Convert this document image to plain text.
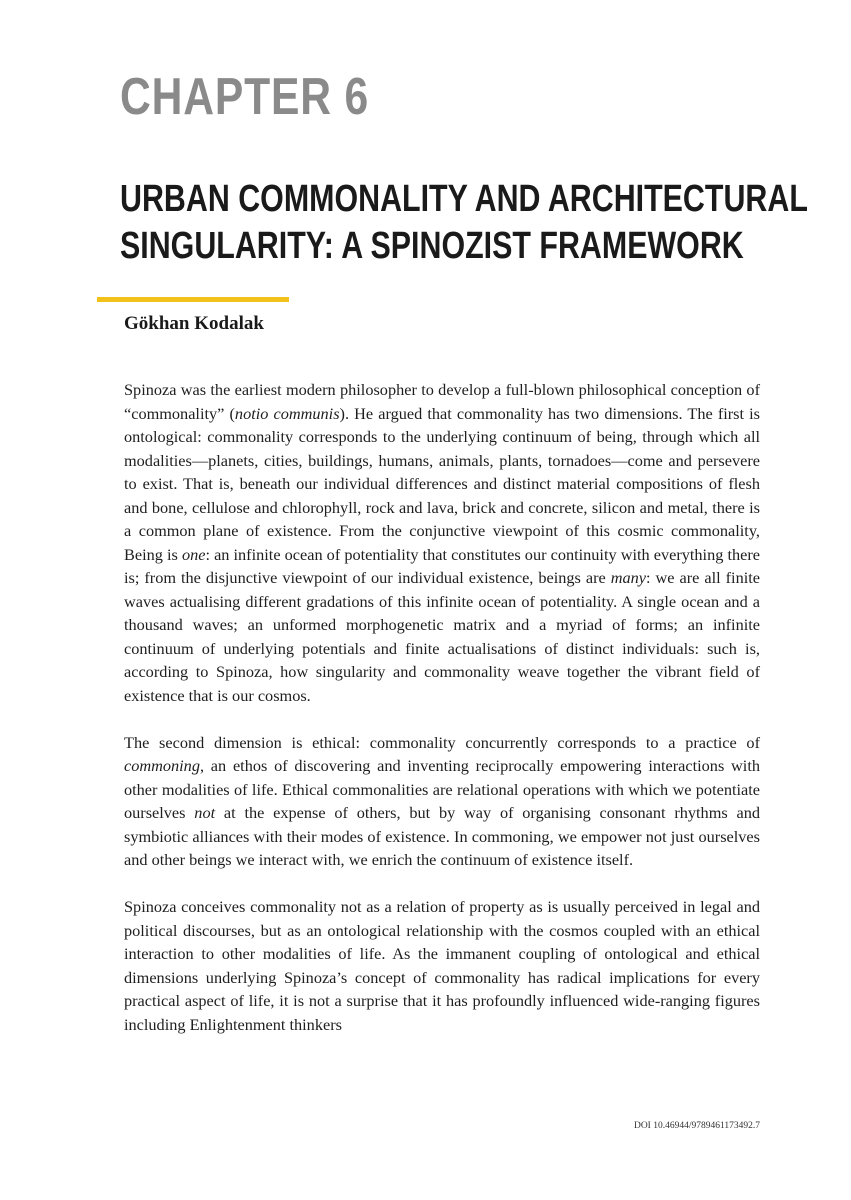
CHAPTER 6
URBAN COMMONALITY AND ARCHITECTURAL
SINGULARITY: A SPINOZIST FRAMEWORK
Gökhan Kodalak

Spinoza was the earliest modern philosopher to develop a full-blown philosophical conception of “commonality” (notio communis). He argued that commonality has two dimensions. The first is ontological: commonality corresponds to the underlying continuum of being, through which all modalities—planets, cities, buildings, humans, animals, plants, tornadoes—come and persevere to exist. That is, beneath our individual differences and distinct material compositions of flesh and bone, cellulose and chlorophyll, rock and lava, brick and concrete, silicon and metal, there is a common plane of existence. From the conjunctive viewpoint of this cosmic commonality, Being is one: an infinite ocean of potentiality that constitutes our continuity with everything there is; from the disjunctive viewpoint of our individual existence, beings are many: we are all finite waves actualising different gradations of this infinite ocean of potentiality. A single ocean and a thousand waves; an unformed morphogenetic matrix and a myriad of forms; an infinite continuum of underlying potentials and finite actualisations of distinct individuals: such is, according to Spinoza, how singularity and commonality weave together the vibrant field of existence that is our cosmos.

The second dimension is ethical: commonality concurrently corresponds to a practice of commoning, an ethos of discovering and inventing reciprocally empowering interactions with other modalities of life. Ethical commonalities are relational operations with which we potentiate ourselves not at the expense of others, but by way of organising consonant rhythms and symbiotic alliances with their modes of existence. In commoning, we empower not just ourselves and other beings we interact with, we enrich the continuum of existence itself.

Spinoza conceives commonality not as a relation of property as is usually perceived in legal and political discourses, but as an ontological relationship with the cosmos coupled with an ethical interaction to other modalities of life. As the immanent coupling of ontological and ethical dimensions underlying Spinoza’s concept of commonality has radical implications for every practical aspect of life, it is not a surprise that it has profoundly influenced wide-ranging figures including Enlightenment thinkers

DOI 10.46944/9789461173492.7
